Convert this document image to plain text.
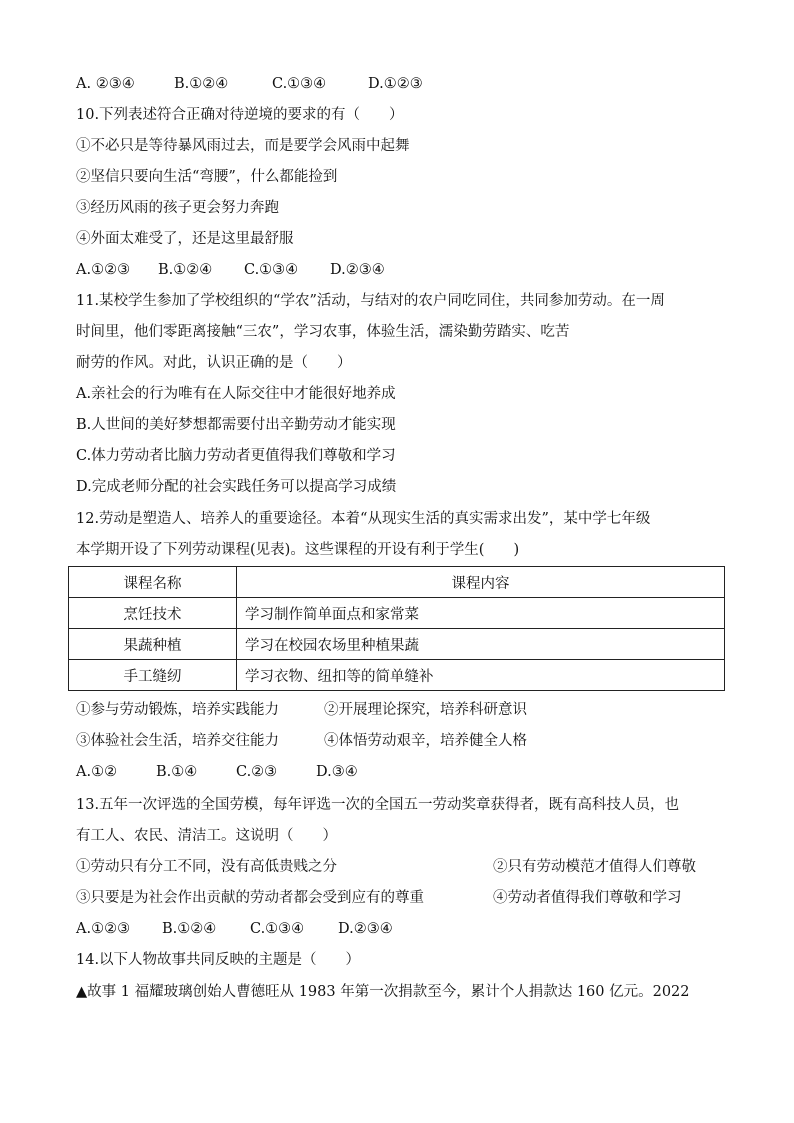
A. ②③④	B.①②④	C.①③④	D.①②③
10.下列表述符合正确对待逆境的要求的有（　　）
①不必只是等待暴风雨过去，而是要学会风雨中起舞
②坚信只要向生活“弯腰”，什么都能捡到
③经历风雨的孩子更会努力奔跑
④外面太难受了，还是这里最舒服
A.①②③	B.①②④	C.①③④	D.②③④
11.某校学生参加了学校组织的“学农”活动，与结对的农户同吃同住，共同参加劳动。在一周
时间里，他们零距离接触“三农”，学习农事，体验生活，濡染勤劳踏实、吃苦
耐劳的作风。对此，认识正确的是（　　）
A.亲社会的行为唯有在人际交往中才能很好地养成
B.人世间的美好梦想都需要付出辛勤劳动才能实现
C.体力劳动者比脑力劳动者更值得我们尊敬和学习
D.完成老师分配的社会实践任务可以提高学习成绩
12.劳动是塑造人、培养人的重要途径。本着“从现实生活的真实需求出发”，某中学七年级
本学期开设了下列劳动课程(见表)。这些课程的开设有利于学生(　　)
课程名称	课程内容
烹饪技术	学习制作简单面点和家常菜
果蔬种植	学习在校园农场里种植果蔬
手工缝纫	学习衣物、纽扣等的简单缝补
①参与劳动锻炼，培养实践能力	②开展理论探究，培养科研意识
③体验社会生活，培养交往能力	④体悟劳动艰辛，培养健全人格
A.①②	B.①④	C.②③	D.③④
13.五年一次评选的全国劳模，每年评选一次的全国五一劳动奖章获得者，既有高科技人员，也
有工人、农民、清洁工。这说明（　　）
①劳动只有分工不同，没有高低贵贱之分	②只有劳动模范才值得人们尊敬
③只要是为社会作出贡献的劳动者都会受到应有的尊重	④劳动者值得我们尊敬和学习
A.①②③	B.①②④	C.①③④	D.②③④
14.以下人物故事共同反映的主题是（　　）
▲故事 1 福耀玻璃创始人曹德旺从 1983 年第一次捐款至今，累计个人捐款达 160 亿元。2022
